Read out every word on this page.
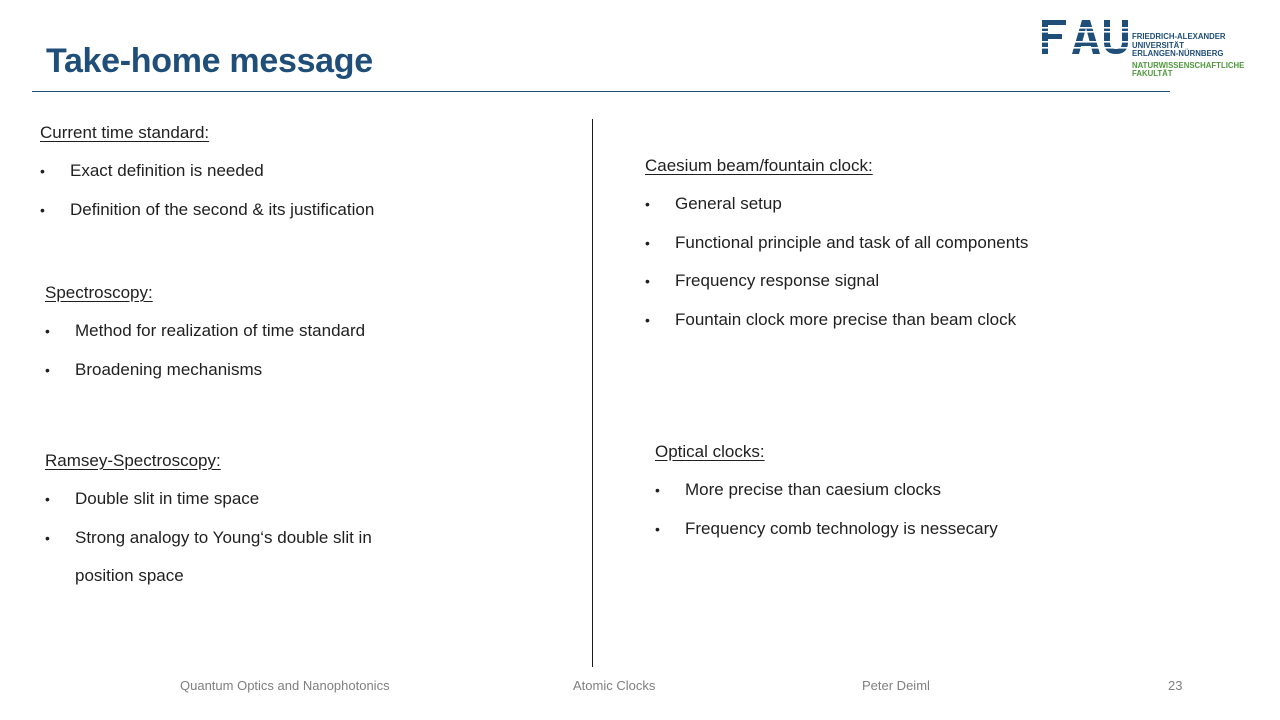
Take-home message
FRIEDRICH-ALEXANDER
UNIVERSITÄT
ERLANGEN-NÜRNBERG
NATURWISSENSCHAFTLICHE
FAKULTÄT
Current time standard:
• Exact definition is needed
• Definition of the second & its justification
Spectroscopy:
• Method for realization of time standard
• Broadening mechanisms
Ramsey-Spectroscopy:
• Double slit in time space
• Strong analogy to Young‘s double slit in position space
Caesium beam/fountain clock:
• General setup
• Functional principle and task of all components
• Frequency response signal
• Fountain clock more precise than beam clock
Optical clocks:
• More precise than caesium clocks
• Frequency comb technology is nessecary
Quantum Optics and Nanophotonics	Atomic Clocks	Peter Deiml	23
